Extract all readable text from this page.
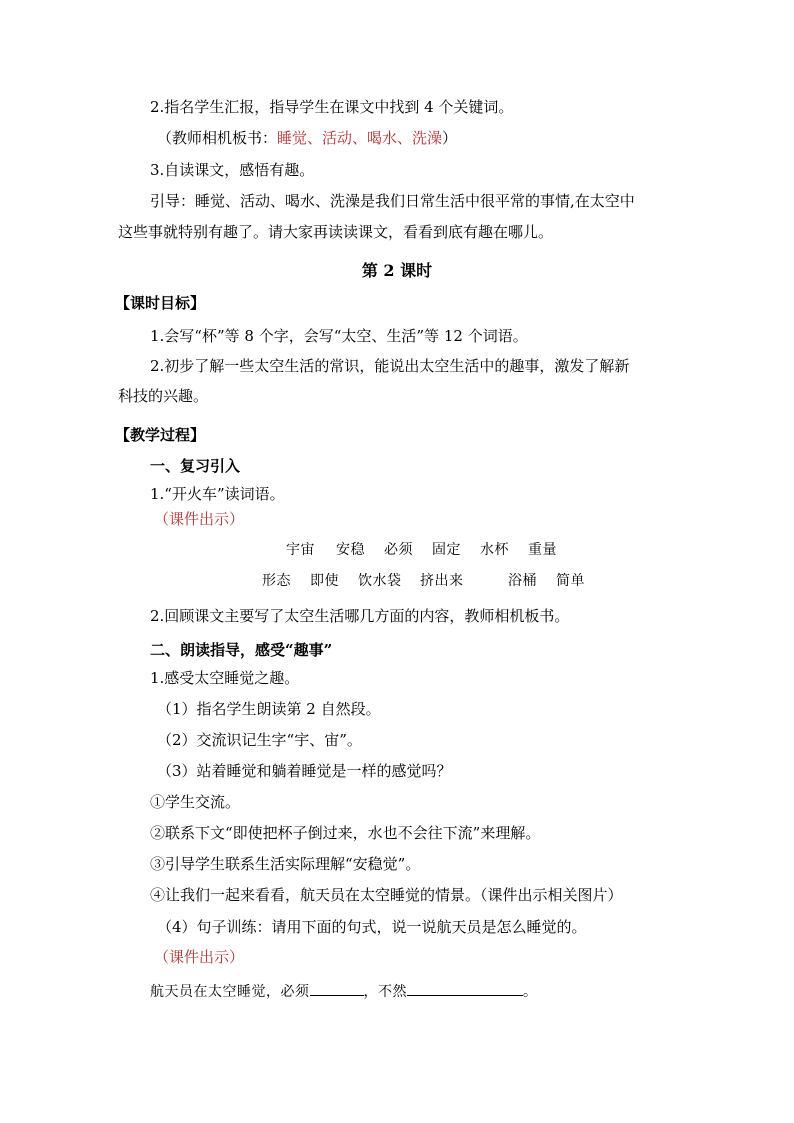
2.指名学生汇报，指导学生在课文中找到 4 个关键词。
（教师相机板书：睡觉、活动、喝水、洗澡）
3.自读课文，感悟有趣。
引导：睡觉、活动、喝水、洗澡是我们日常生活中很平常的事情,在太空中
这些事就特别有趣了。请大家再读读课文，看看到底有趣在哪儿。
第 2 课时
【课时目标】
1.会写“杯”等 8 个字，会写“太空、生活”等 12 个词语。
2.初步了解一些太空生活的常识，能说出太空生活中的趣事，激发了解新
科技的兴趣。
【教学过程】
一、复习引入
1.“开火车”读词语。
（课件出示）
宇宙 安稳 必须 固定 水杯 重量
形态 即使 饮水袋 挤出来	浴桶 简单
2.回顾课文主要写了太空生活哪几方面的内容，教师相机板书。
二、朗读指导，感受“趣事”
1.感受太空睡觉之趣。
（1）指名学生朗读第 2 自然段。
（2）交流识记生字“宇、宙”。
（3）站着睡觉和躺着睡觉是一样的感觉吗？
①学生交流。
②联系下文“即使把杯子倒过来，水也不会往下流”来理解。
③引导学生联系生活实际理解“安稳觉”。
④让我们一起来看看，航天员在太空睡觉的情景。（课件出示相关图片）
（4）句子训练：请用下面的句式，说一说航天员是怎么睡觉的。
（课件出示）
航天员在太空睡觉，必须	，不然	。
